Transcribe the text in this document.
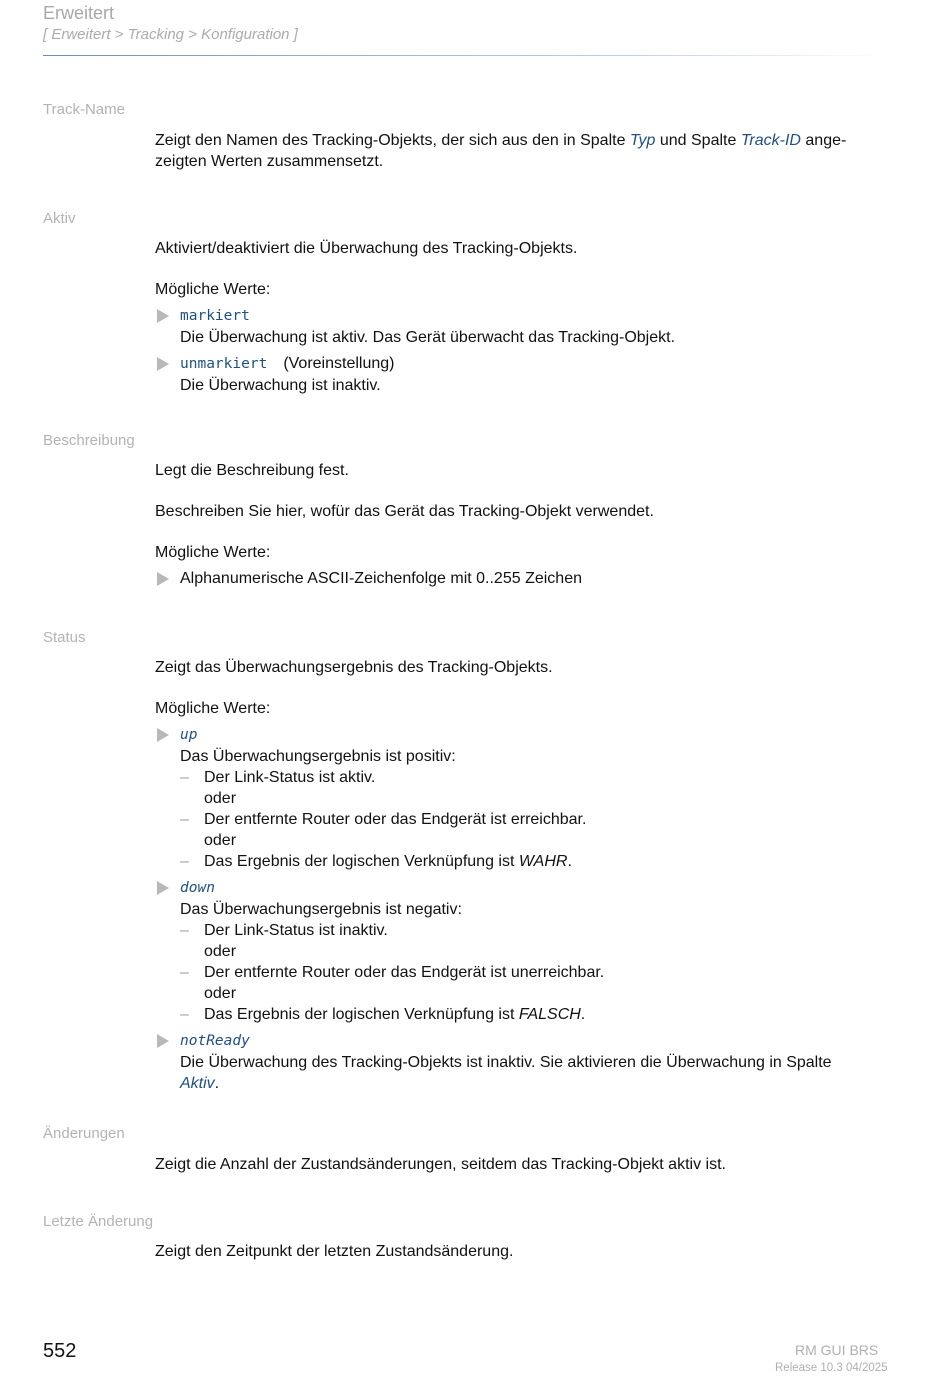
Erweitert
[ Erweitert > Tracking > Konfiguration ]
Track-Name

Zeigt den Namen des Tracking-Objekts, der sich aus den in Spalte Typ und Spalte Track-ID ange-
zeigten Werten zusammensetzt.

Aktiv

Aktiviert/deaktiviert die Überwachung des Tracking-Objekts.

Mögliche Werte:

markiert
Die Überwachung ist aktiv. Das Gerät überwacht das Tracking-Objekt.
unmarkiert (Voreinstellung)
Die Überwachung ist inaktiv.
Beschreibung

Legt die Beschreibung fest.

Beschreiben Sie hier, wofür das Gerät das Tracking-Objekt verwendet.

Mögliche Werte:

Alphanumerische ASCII-Zeichenfolge mit 0..255 Zeichen
Status

Zeigt das Überwachungsergebnis des Tracking-Objekts.

Mögliche Werte:

up
Das Überwachungsergebnis ist positiv:
– Der Link-Status ist aktiv.
oder
– Der entfernte Router oder das Endgerät ist erreichbar.
oder
– Das Ergebnis der logischen Verknüpfung ist WAHR.
down
Das Überwachungsergebnis ist negativ:
– Der Link-Status ist inaktiv.
oder
– Der entfernte Router oder das Endgerät ist unerreichbar.
oder
– Das Ergebnis der logischen Verknüpfung ist FALSCH.
notReady
Die Überwachung des Tracking-Objekts ist inaktiv. Sie aktivieren die Überwachung in Spalte
Aktiv.
Änderungen

Zeigt die Anzahl der Zustandsänderungen, seitdem das Tracking-Objekt aktiv ist.

Letzte Änderung

Zeigt den Zeitpunkt der letzten Zustandsänderung.

552	RM GUI BRS
Release 10.3 04/2025
